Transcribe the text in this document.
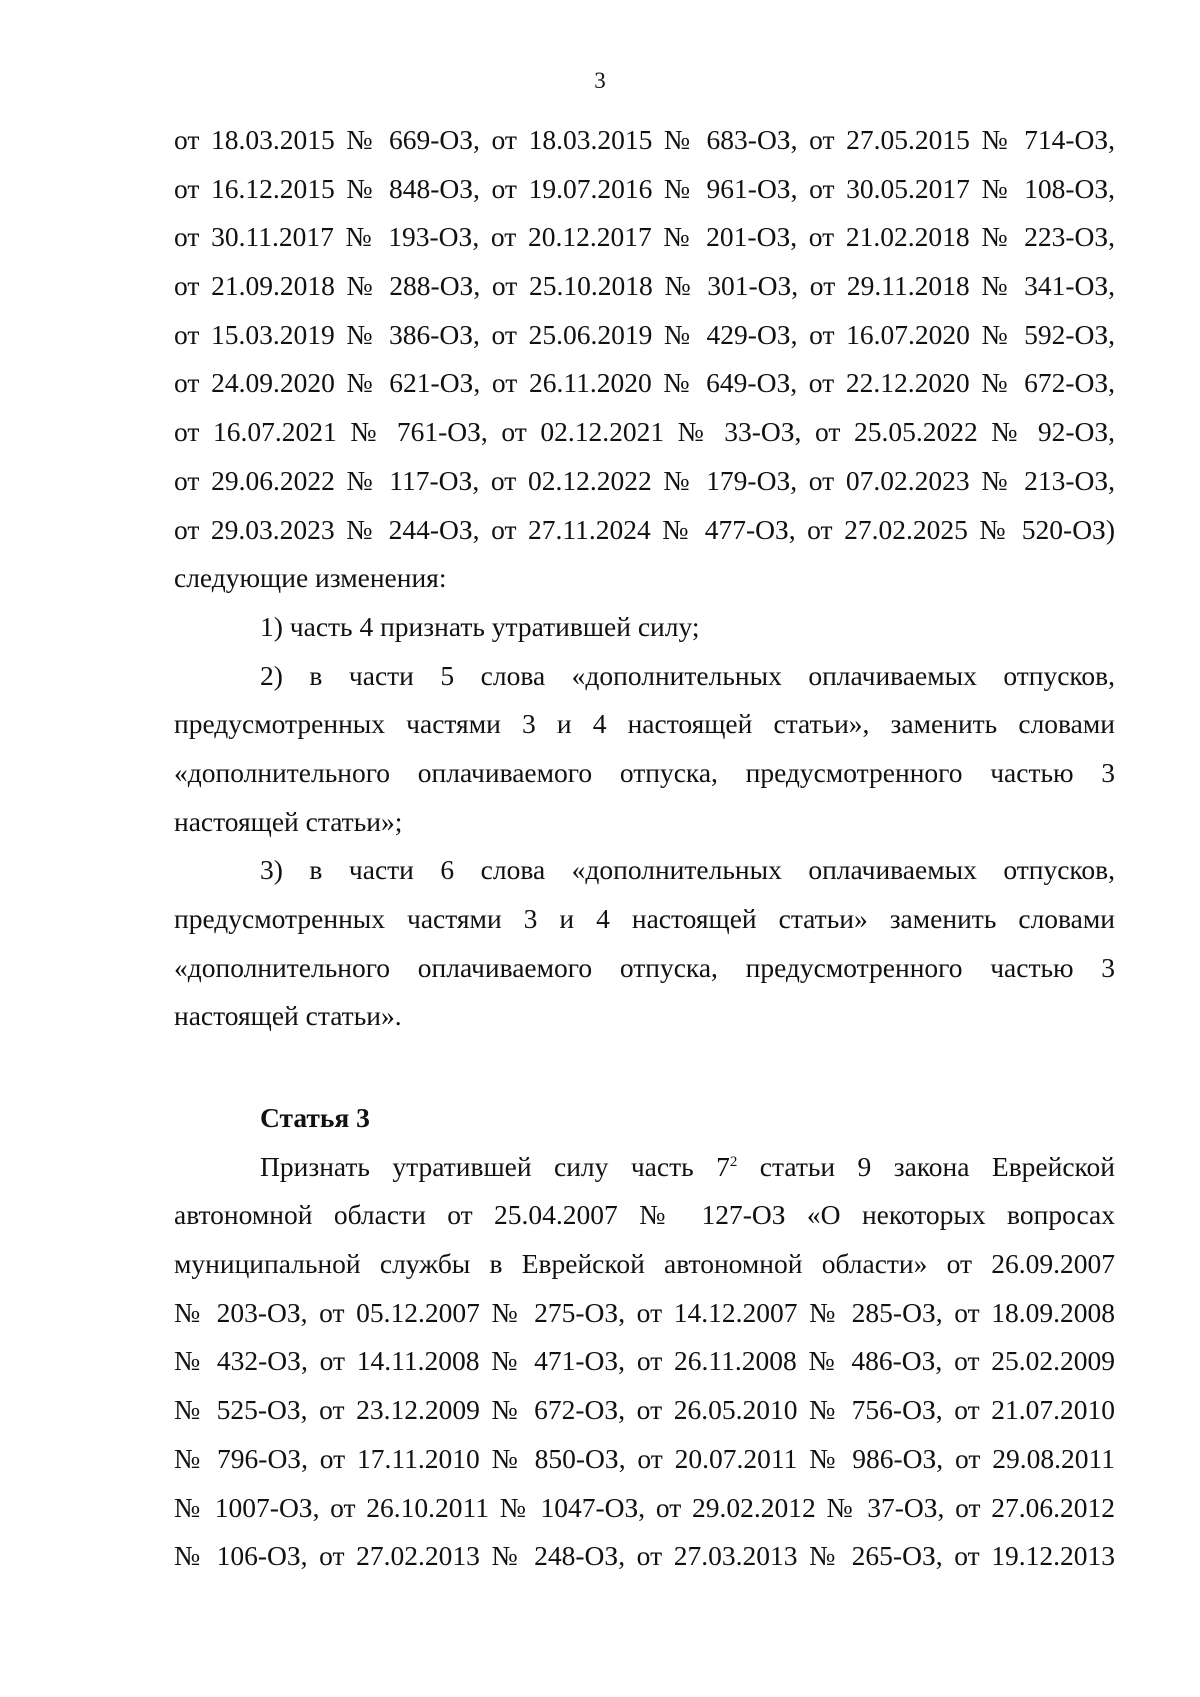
3
от 18.03.2015 № 669-ОЗ, от 18.03.2015 № 683-ОЗ, от 27.05.2015 № 714-ОЗ,
от 16.12.2015 № 848-ОЗ, от 19.07.2016 № 961-ОЗ, от 30.05.2017 № 108-ОЗ,
от 30.11.2017 № 193-ОЗ, от 20.12.2017 № 201-ОЗ, от 21.02.2018 № 223-ОЗ,
от 21.09.2018 № 288-ОЗ, от 25.10.2018 № 301-ОЗ, от 29.11.2018 № 341-ОЗ,
от 15.03.2019 № 386-ОЗ, от 25.06.2019 № 429-ОЗ, от 16.07.2020 № 592-ОЗ,
от 24.09.2020 № 621-ОЗ, от 26.11.2020 № 649-ОЗ, от 22.12.2020 № 672-ОЗ,
от 16.07.2021 № 761-ОЗ, от 02.12.2021 № 33-ОЗ, от 25.05.2022 № 92-ОЗ,
от 29.06.2022 № 117-ОЗ, от 02.12.2022 № 179-ОЗ, от 07.02.2023 № 213-ОЗ,
от 29.03.2023 № 244-ОЗ, от 27.11.2024 № 477-ОЗ, от 27.02.2025 № 520-ОЗ)
следующие изменения:
1) часть 4 признать утратившей силу;
2) в части 5 слова «дополнительных оплачиваемых отпусков,
предусмотренных частями 3 и 4 настоящей статьи», заменить словами
«дополнительного оплачиваемого отпуска, предусмотренного частью 3
настоящей статьи»;
3) в части 6 слова «дополнительных оплачиваемых отпусков,
предусмотренных частями 3 и 4 настоящей статьи» заменить словами
«дополнительного оплачиваемого отпуска, предусмотренного частью 3
настоящей статьи».
Статья 3
Признать утратившей силу часть $7^2$ статьи 9 закона Еврейской
автономной области от 25.04.2007 № 127-ОЗ «О некоторых вопросах
муниципальной службы в Еврейской автономной области» от 26.09.2007
№ 203-ОЗ, от 05.12.2007 № 275-ОЗ, от 14.12.2007 № 285-ОЗ, от 18.09.2008
№ 432-ОЗ, от 14.11.2008 № 471-ОЗ, от 26.11.2008 № 486-ОЗ, от 25.02.2009
№ 525-ОЗ, от 23.12.2009 № 672-ОЗ, от 26.05.2010 № 756-ОЗ, от 21.07.2010
№ 796-ОЗ, от 17.11.2010 № 850-ОЗ, от 20.07.2011 № 986-ОЗ, от 29.08.2011
№ 1007-ОЗ, от 26.10.2011 № 1047-ОЗ, от 29.02.2012 № 37-ОЗ, от 27.06.2012
№ 106-ОЗ, от 27.02.2013 № 248-ОЗ, от 27.03.2013 № 265-ОЗ, от 19.12.2013
